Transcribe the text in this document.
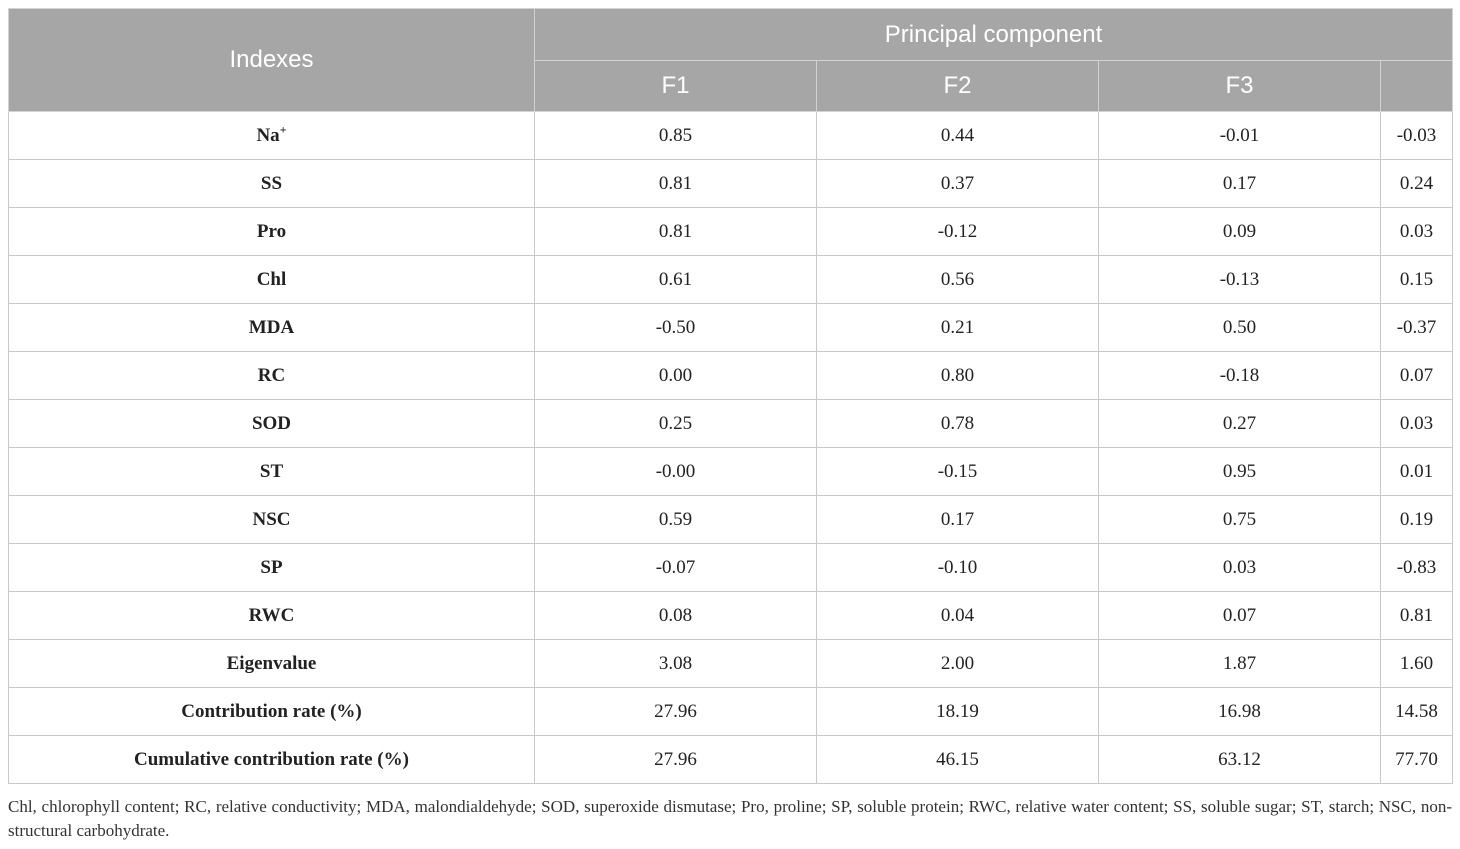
Indexes	Principal component			
	F1	F2	F3	
Na+	0.85	0.44	-0.01	-0.03
SS	0.81	0.37	0.17	0.24
Pro	0.81	-0.12	0.09	0.03
Chl	0.61	0.56	-0.13	0.15
MDA	-0.50	0.21	0.50	-0.37
RC	0.00	0.80	-0.18	0.07
SOD	0.25	0.78	0.27	0.03
ST	-0.00	-0.15	0.95	0.01
NSC	0.59	0.17	0.75	0.19
SP	-0.07	-0.10	0.03	-0.83
RWC	0.08	0.04	0.07	0.81
Eigenvalue	3.08	2.00	1.87	1.60
Contribution rate (%)	27.96	18.19	16.98	14.58
Cumulative contribution rate (%)	27.96	46.15	63.12	77.70
Chl, chlorophyll content; RC, relative conductivity; MDA, malondialdehyde; SOD, superoxide dismutase; Pro, proline; SP, soluble protein; RWC, relative water content; SS, soluble sugar; ST, starch; NSC, non-structural carbohydrate.
